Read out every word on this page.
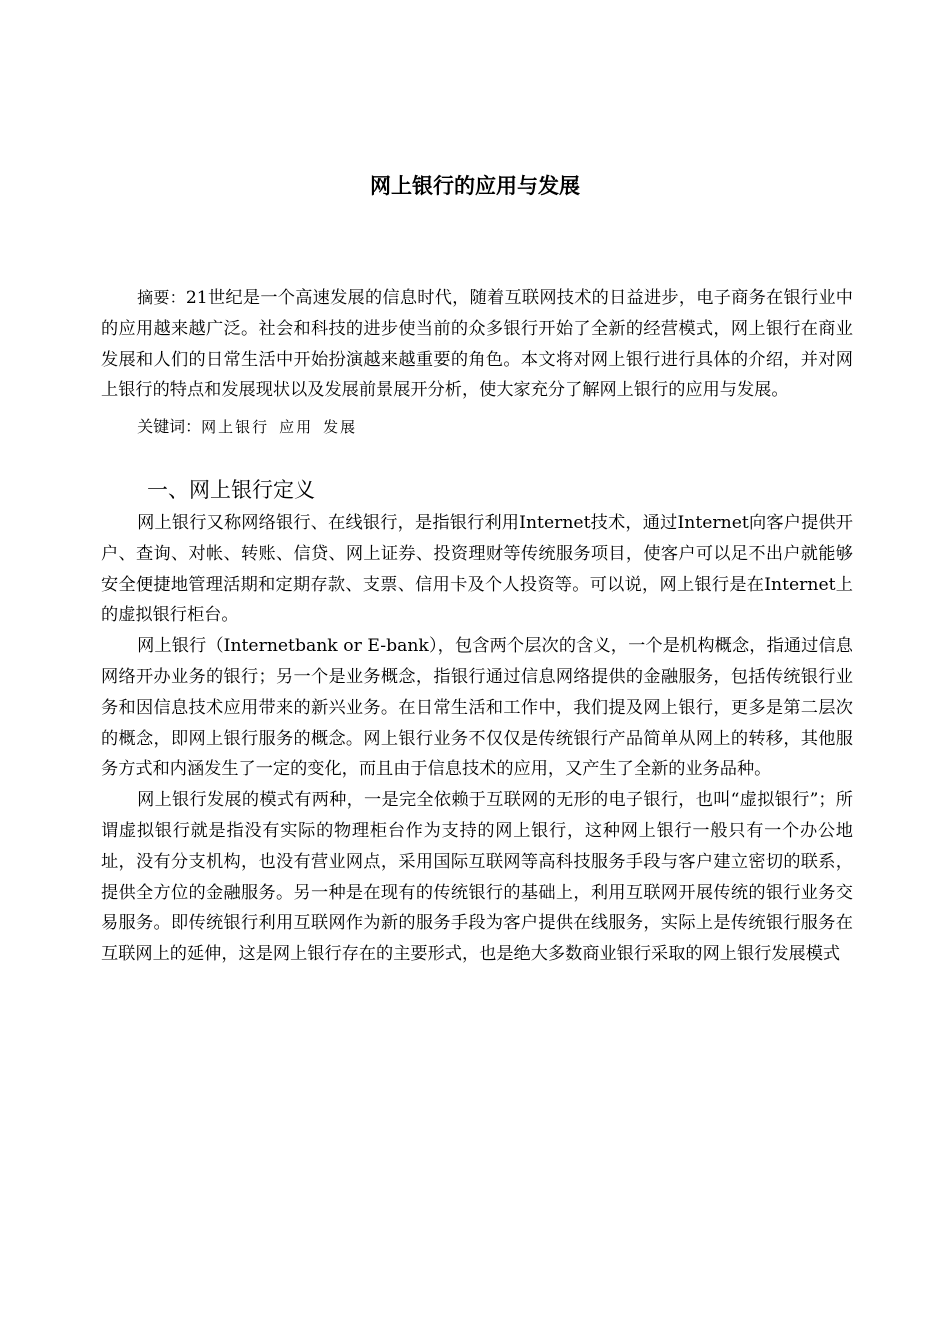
网上银行的应用与发展

摘要：21世纪是一个高速发展的信息时代，随着互联网技术的日益进步，电子商务在银行业中的应用越来越广泛。社会和科技的进步使当前的众多银行开始了全新的经营模式，网上银行在商业发展和人们的日常生活中开始扮演越来越重要的角色。本文将对网上银行进行具体的介绍，并对网上银行的特点和发展现状以及发展前景展开分析，使大家充分了解网上银行的应用与发展。

关键词：网上银行 应用 发展

一、网上银行定义

网上银行又称网络银行、在线银行，是指银行利用Internet技术，通过Internet向客户提供开户、查询、对帐、转账、信贷、网上证券、投资理财等传统服务项目，使客户可以足不出户就能够安全便捷地管理活期和定期存款、支票、信用卡及个人投资等。可以说，网上银行是在Internet上的虚拟银行柜台。

网上银行（Internetbank or E-bank），包含两个层次的含义，一个是机构概念，指通过信息网络开办业务的银行；另一个是业务概念，指银行通过信息网络提供的金融服务，包括传统银行业务和因信息技术应用带来的新兴业务。在日常生活和工作中，我们提及网上银行，更多是第二层次的概念，即网上银行服务的概念。网上银行业务不仅仅是传统银行产品简单从网上的转移，其他服务方式和内涵发生了一定的变化，而且由于信息技术的应用，又产生了全新的业务品种。

网上银行发展的模式有两种，一是完全依赖于互联网的无形的电子银行，也叫“虚拟银行”；所谓虚拟银行就是指没有实际的物理柜台作为支持的网上银行，这种网上银行一般只有一个办公地址，没有分支机构，也没有营业网点，采用国际互联网等高科技服务手段与客户建立密切的联系，提供全方位的金融服务。另一种是在现有的传统银行的基础上，利用互联网开展传统的银行业务交易服务。即传统银行利用互联网作为新的服务手段为客户提供在线服务，实际上是传统银行服务在互联网上的延伸，这是网上银行存在的主要形式，也是绝大多数商业银行采取的网上银行发展模式
